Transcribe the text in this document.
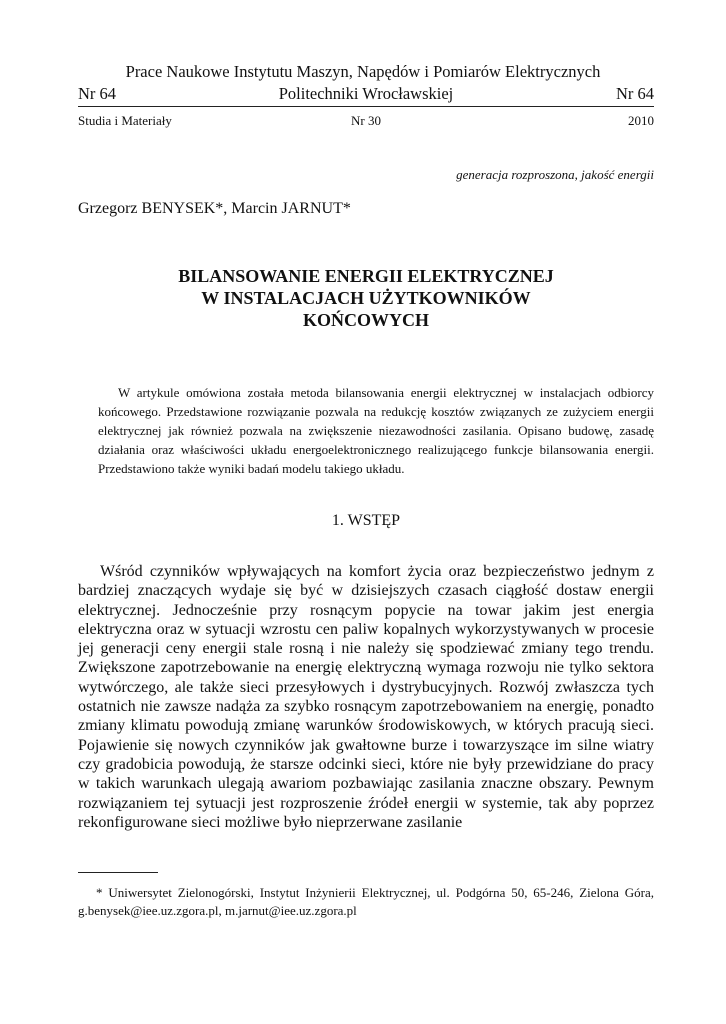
Prace Naukowe Instytutu Maszyn, Napędów i Pomiarów Elektrycznych
Nr 64	Politechniki Wrocławskiej	Nr 64
Studia i Materiały	Nr 30	2010
generacja rozproszona, jakość energii
Grzegorz BENYSEK*, Marcin JARNUT*
BILANSOWANIE ENERGII ELEKTRYCZNEJ
W INSTALACJACH UŻYTKOWNIKÓW
KOŃCOWYCH

W artykule omówiona została metoda bilansowania energii elektrycznej w instalacjach odbiorcy końcowego. Przedstawione rozwiązanie pozwala na redukcję kosztów związanych ze zużyciem energii elektrycznej jak również pozwala na zwiększenie niezawodności zasilania. Opisano budowę, zasadę działania oraz właściwości układu energoelektronicznego realizującego funkcje bilansowania energii. Przedstawiono także wyniki badań modelu takiego układu.

1. WSTĘP

Wśród czynników wpływających na komfort życia oraz bezpieczeństwo jednym z bardziej znaczących wydaje się być w dzisiejszych czasach ciągłość dostaw energii elektrycznej. Jednocześnie przy rosnącym popycie na towar jakim jest energia elektryczna oraz w sytuacji wzrostu cen paliw kopalnych wykorzystywanych w procesie jej generacji ceny energii stale rosną i nie należy się spodziewać zmiany tego trendu. Zwiększone zapotrzebowanie na energię elektryczną wymaga rozwoju nie tylko sektora wytwórczego, ale także sieci przesyłowych i dystrybucyjnych. Rozwój zwłaszcza tych ostatnich nie zawsze nadąża za szybko rosnącym zapotrzebowaniem na energię, ponadto zmiany klimatu powodują zmianę warunków środowiskowych, w których pracują sieci. Pojawienie się nowych czynników jak gwałtowne burze i towarzyszące im silne wiatry czy gradobicia powodują, że starsze odcinki sieci, które nie były przewidziane do pracy w takich warunkach ulegają awariom pozbawiając zasilania znaczne obszary. Pewnym rozwiązaniem tej sytuacji jest rozproszenie źródeł energii w systemie, tak aby poprzez rekonfigurowane sieci możliwe było nieprzerwane zasilanie

* Uniwersytet Zielonogórski, Instytut Inżynierii Elektrycznej, ul. Podgórna 50, 65-246, Zielona Góra, g.benysek@iee.uz.zgora.pl, m.jarnut@iee.uz.zgora.pl
